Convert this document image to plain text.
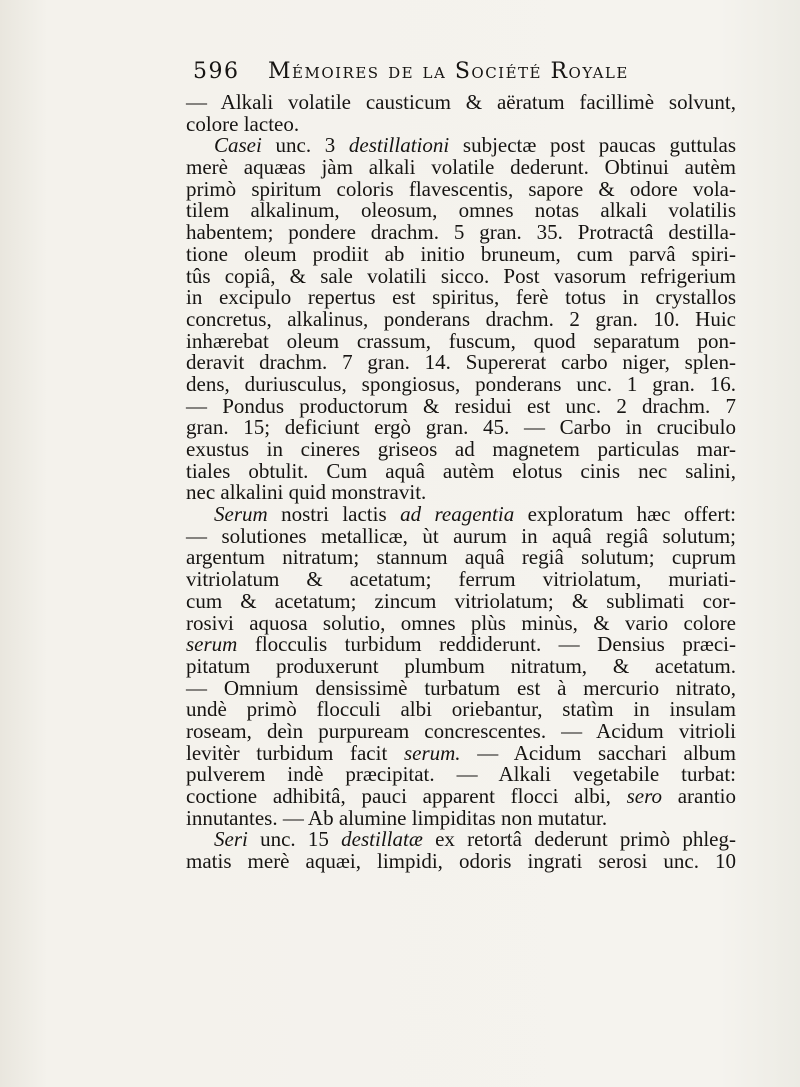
596 Mémoires de la Société Royale
— Alkali volatile causticum & aëratum facillimè solvunt,
colore lacteo.
Casei unc. 3 destillationi subjectæ post paucas guttulas
merè aquæas jàm alkali volatile dederunt. Obtinui autèm
primò spiritum coloris flavescentis, sapore & odore vola-
tilem alkalinum, oleosum, omnes notas alkali volatilis
habentem; pondere drachm. 5 gran. 35. Protractâ destilla-
tione oleum prodiit ab initio bruneum, cum parvâ spiri-
tûs copiâ, & sale volatili sicco. Post vasorum refrigerium
in excipulo repertus est spiritus, ferè totus in crystallos
concretus, alkalinus, ponderans drachm. 2 gran. 10. Huic
inhærebat oleum crassum, fuscum, quod separatum pon-
deravit drachm. 7 gran. 14. Supererat carbo niger, splen-
dens, duriusculus, spongiosus, ponderans unc. 1 gran. 16.
— Pondus productorum & residui est unc. 2 drachm. 7
gran. 15; deficiunt ergò gran. 45. — Carbo in crucibulo
exustus in cineres griseos ad magnetem particulas mar-
tiales obtulit. Cum aquâ autèm elotus cinis nec salini,
nec alkalini quid monstravit.
Serum nostri lactis ad reagentia exploratum hæc offert:
— solutiones metallicæ, ùt aurum in aquâ regiâ solutum;
argentum nitratum; stannum aquâ regiâ solutum; cuprum
vitriolatum & acetatum; ferrum vitriolatum, muriati-
cum & acetatum; zincum vitriolatum; & sublimati cor-
rosivi aquosa solutio, omnes plùs minùs, & vario colore
serum flocculis turbidum reddiderunt. — Densius præci-
pitatum produxerunt plumbum nitratum, & acetatum.
— Omnium densissimè turbatum est à mercurio nitrato,
undè primò flocculi albi oriebantur, statìm in insulam
roseam, deìn purpuream concrescentes. — Acidum vitrioli
levitèr turbidum facit serum. — Acidum sacchari album
pulverem indè præcipitat. — Alkali vegetabile turbat:
coctione adhibitâ, pauci apparent flocci albi, sero arantio
innutantes. — Ab alumine limpiditas non mutatur.
Seri unc. 15 destillatæ ex retortâ dederunt primò phleg-
matis merè aquæi, limpidi, odoris ingrati serosi unc. 10
